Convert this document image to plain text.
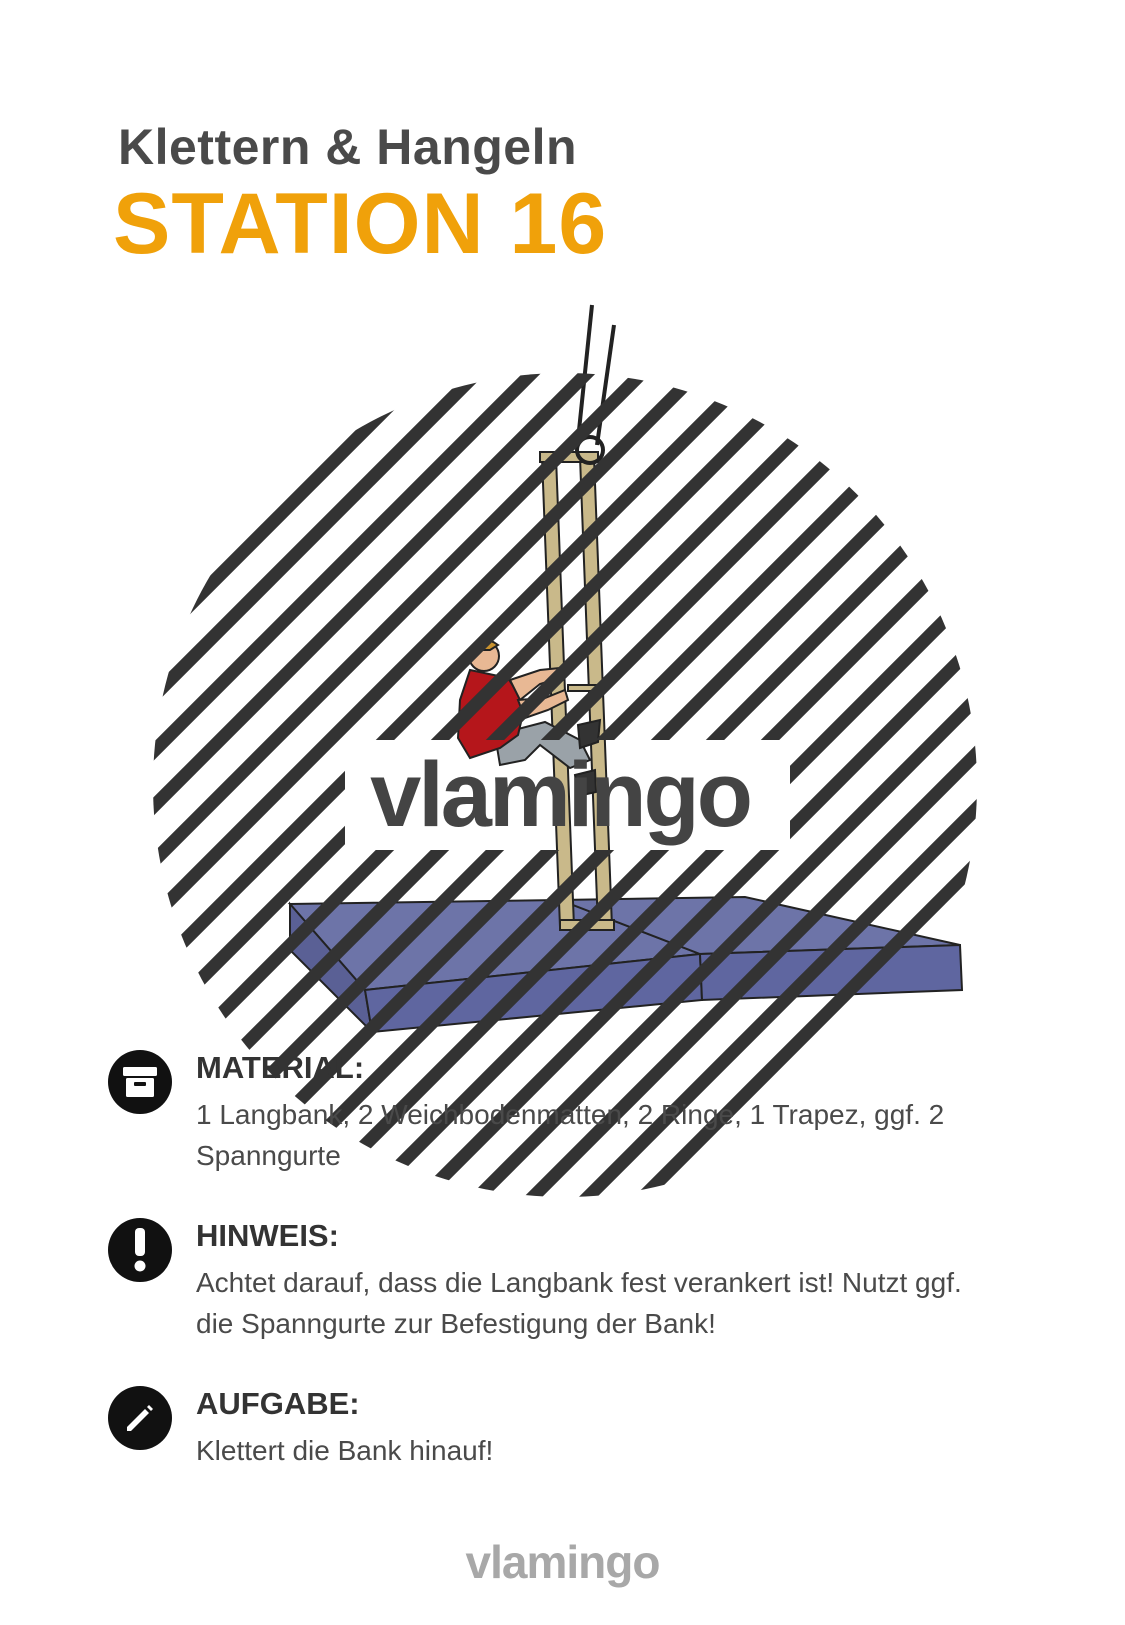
Klettern & Hangeln
STATION 16
vlamingo
MATERIAL:
1 Langbank, 2 Weichbodenmatten, 2 Ringe, 1 Trapez, ggf. 2 Spanngurte
HINWEIS:
Achtet darauf, dass die Langbank fest verankert ist! Nutzt ggf. die Spanngurte zur Befestigung der Bank!
AUFGABE:
Klettert die Bank hinauf!
vlamingo
